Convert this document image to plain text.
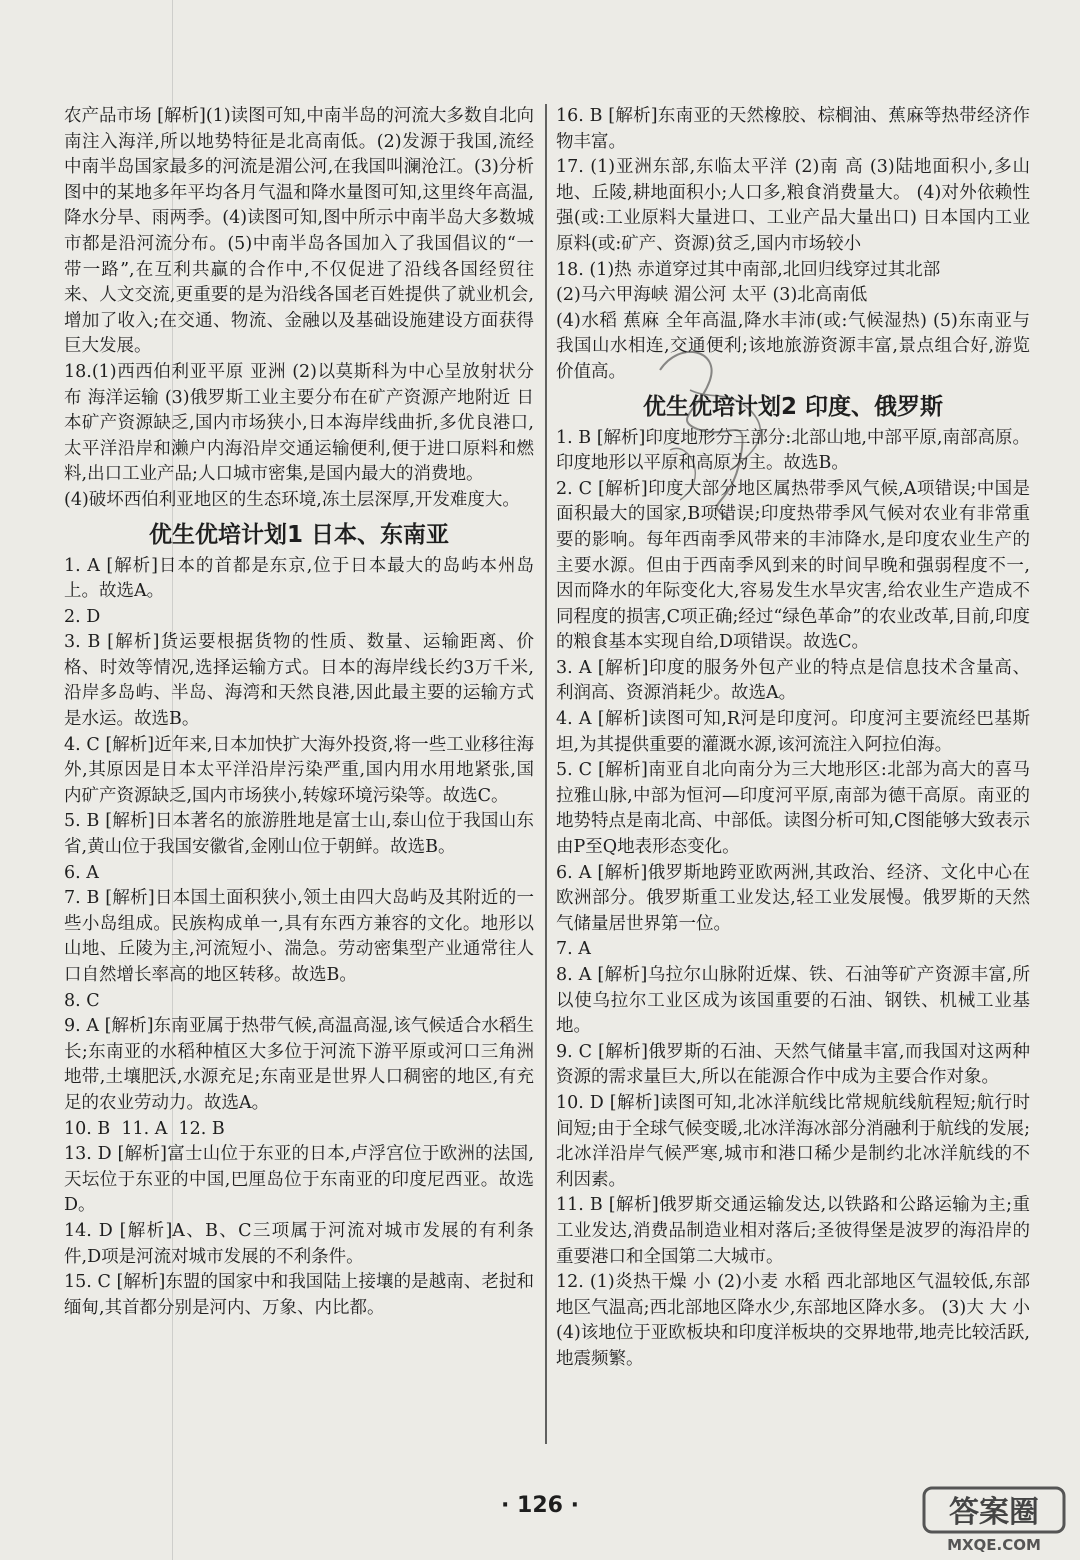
农产品市场 [解析](1)读图可知,中南半岛的河流大多数自北向南注入海洋,所以地势特征是北高南低。(2)发源于我国,流经中南半岛国家最多的河流是湄公河,在我国叫澜沧江。(3)分析图中的某地多年平均各月气温和降水量图可知,这里终年高温,降水分旱、雨两季。(4)读图可知,图中所示中南半岛大多数城市都是沿河流分布。(5)中南半岛各国加入了我国倡议的“一带一路”,在互利共赢的合作中,不仅促进了沿线各国经贸往来、人文交流,更重要的是为沿线各国老百姓提供了就业机会,增加了收入;在交通、物流、金融以及基础设施建设方面获得巨大发展。

18.(1)西西伯利亚平原 亚洲 (2)以莫斯科为中心呈放射状分布 海洋运输 (3)俄罗斯工业主要分布在矿产资源产地附近 日本矿产资源缺乏,国内市场狭小,日本海岸线曲折,多优良港口,太平洋沿岸和濑户内海沿岸交通运输便利,便于进口原料和燃料,出口工业产品;人口城市密集,是国内最大的消费地。
(4)破坏西伯利亚地区的生态环境,冻土层深厚,开发难度大。

优生优培计划1 日本、东南亚

1. A [解析]日本的首都是东京,位于日本最大的岛屿本州岛上。故选A。

2. D

3. B [解析]货运要根据货物的性质、数量、运输距离、价格、时效等情况,选择运输方式。日本的海岸线长约3万千米,沿岸多岛屿、半岛、海湾和天然良港,因此最主要的运输方式是水运。故选B。

4. C [解析]近年来,日本加快扩大海外投资,将一些工业移往海外,其原因是日本太平洋沿岸污染严重,国内用水用地紧张,国内矿产资源缺乏,国内市场狭小,转嫁环境污染等。故选C。

5. B [解析]日本著名的旅游胜地是富士山,泰山位于我国山东省,黄山位于我国安徽省,金刚山位于朝鲜。故选B。

6. A

7. B [解析]日本国土面积狭小,领土由四大岛屿及其附近的一些小岛组成。民族构成单一,具有东西方兼容的文化。地形以山地、丘陵为主,河流短小、湍急。劳动密集型产业通常往人口自然增长率高的地区转移。故选B。

8. C

9. A [解析]东南亚属于热带气候,高温高湿,该气候适合水稻生长;东南亚的水稻种植区大多位于河流下游平原或河口三角洲地带,土壤肥沃,水源充足;东南亚是世界人口稠密的地区,有充足的农业劳动力。故选A。

10. B  11. A  12. B

13. D [解析]富士山位于东亚的日本,卢浮宫位于欧洲的法国,天坛位于东亚的中国,巴厘岛位于东南亚的印度尼西亚。故选D。

14. D [解析]A、B、C三项属于河流对城市发展的有利条件,D项是河流对城市发展的不利条件。

15. C [解析]东盟的国家中和我国陆上接壤的是越南、老挝和缅甸,其首都分别是河内、万象、内比都。

16. B [解析]东南亚的天然橡胶、棕榈油、蕉麻等热带经济作物丰富。

17. (1)亚洲东部,东临太平洋 (2)南 高 (3)陆地面积小,多山地、丘陵,耕地面积小;人口多,粮食消费量大。 (4)对外依赖性强(或:工业原料大量进口、工业产品大量出口) 日本国内工业原料(或:矿产、资源)贫乏,国内市场较小

18. (1)热 赤道穿过其中南部,北回归线穿过其北部
(2)马六甲海峡 湄公河 太平 (3)北高南低
(4)水稻 蕉麻 全年高温,降水丰沛(或:气候湿热) (5)东南亚与我国山水相连,交通便利;该地旅游资源丰富,景点组合好,游览价值高。

优生优培计划2 印度、俄罗斯

1. B [解析]印度地形分三部分:北部山地,中部平原,南部高原。印度地形以平原和高原为主。故选B。

2. C [解析]印度大部分地区属热带季风气候,A项错误;中国是面积最大的国家,B项错误;印度热带季风气候对农业有非常重要的影响。每年西南季风带来的丰沛降水,是印度农业生产的主要水源。但由于西南季风到来的时间早晚和强弱程度不一,因而降水的年际变化大,容易发生水旱灾害,给农业生产造成不同程度的损害,C项正确;经过“绿色革命”的农业改革,目前,印度的粮食基本实现自给,D项错误。故选C。

3. A [解析]印度的服务外包产业的特点是信息技术含量高、利润高、资源消耗少。故选A。

4. A [解析]读图可知,R河是印度河。印度河主要流经巴基斯坦,为其提供重要的灌溉水源,该河流注入阿拉伯海。

5. C [解析]南亚自北向南分为三大地形区:北部为高大的喜马拉雅山脉,中部为恒河—印度河平原,南部为德干高原。南亚的地势特点是南北高、中部低。读图分析可知,C图能够大致表示由P至Q地表形态变化。

6. A [解析]俄罗斯地跨亚欧两洲,其政治、经济、文化中心在欧洲部分。俄罗斯重工业发达,轻工业发展慢。俄罗斯的天然气储量居世界第一位。

7. A

8. A [解析]乌拉尔山脉附近煤、铁、石油等矿产资源丰富,所以使乌拉尔工业区成为该国重要的石油、钢铁、机械工业基地。

9. C [解析]俄罗斯的石油、天然气储量丰富,而我国对这两种资源的需求量巨大,所以在能源合作中成为主要合作对象。

10. D [解析]读图可知,北冰洋航线比常规航线航程短;航行时间短;由于全球气候变暖,北冰洋海冰部分消融利于航线的发展;北冰洋沿岸气候严寒,城市和港口稀少是制约北冰洋航线的不利因素。

11. B [解析]俄罗斯交通运输发达,以铁路和公路运输为主;重工业发达,消费品制造业相对落后;圣彼得堡是波罗的海沿岸的重要港口和全国第二大城市。

12. (1)炎热干燥 小 (2)小麦 水稻 西北部地区气温较低,东部地区气温高;西北部地区降水少,东部地区降水多。 (3)大 大 小 (4)该地位于亚欧板块和印度洋板块的交界地带,地壳比较活跃,地震频繁。

· 126 ·	答案圈
MXQE.COM
